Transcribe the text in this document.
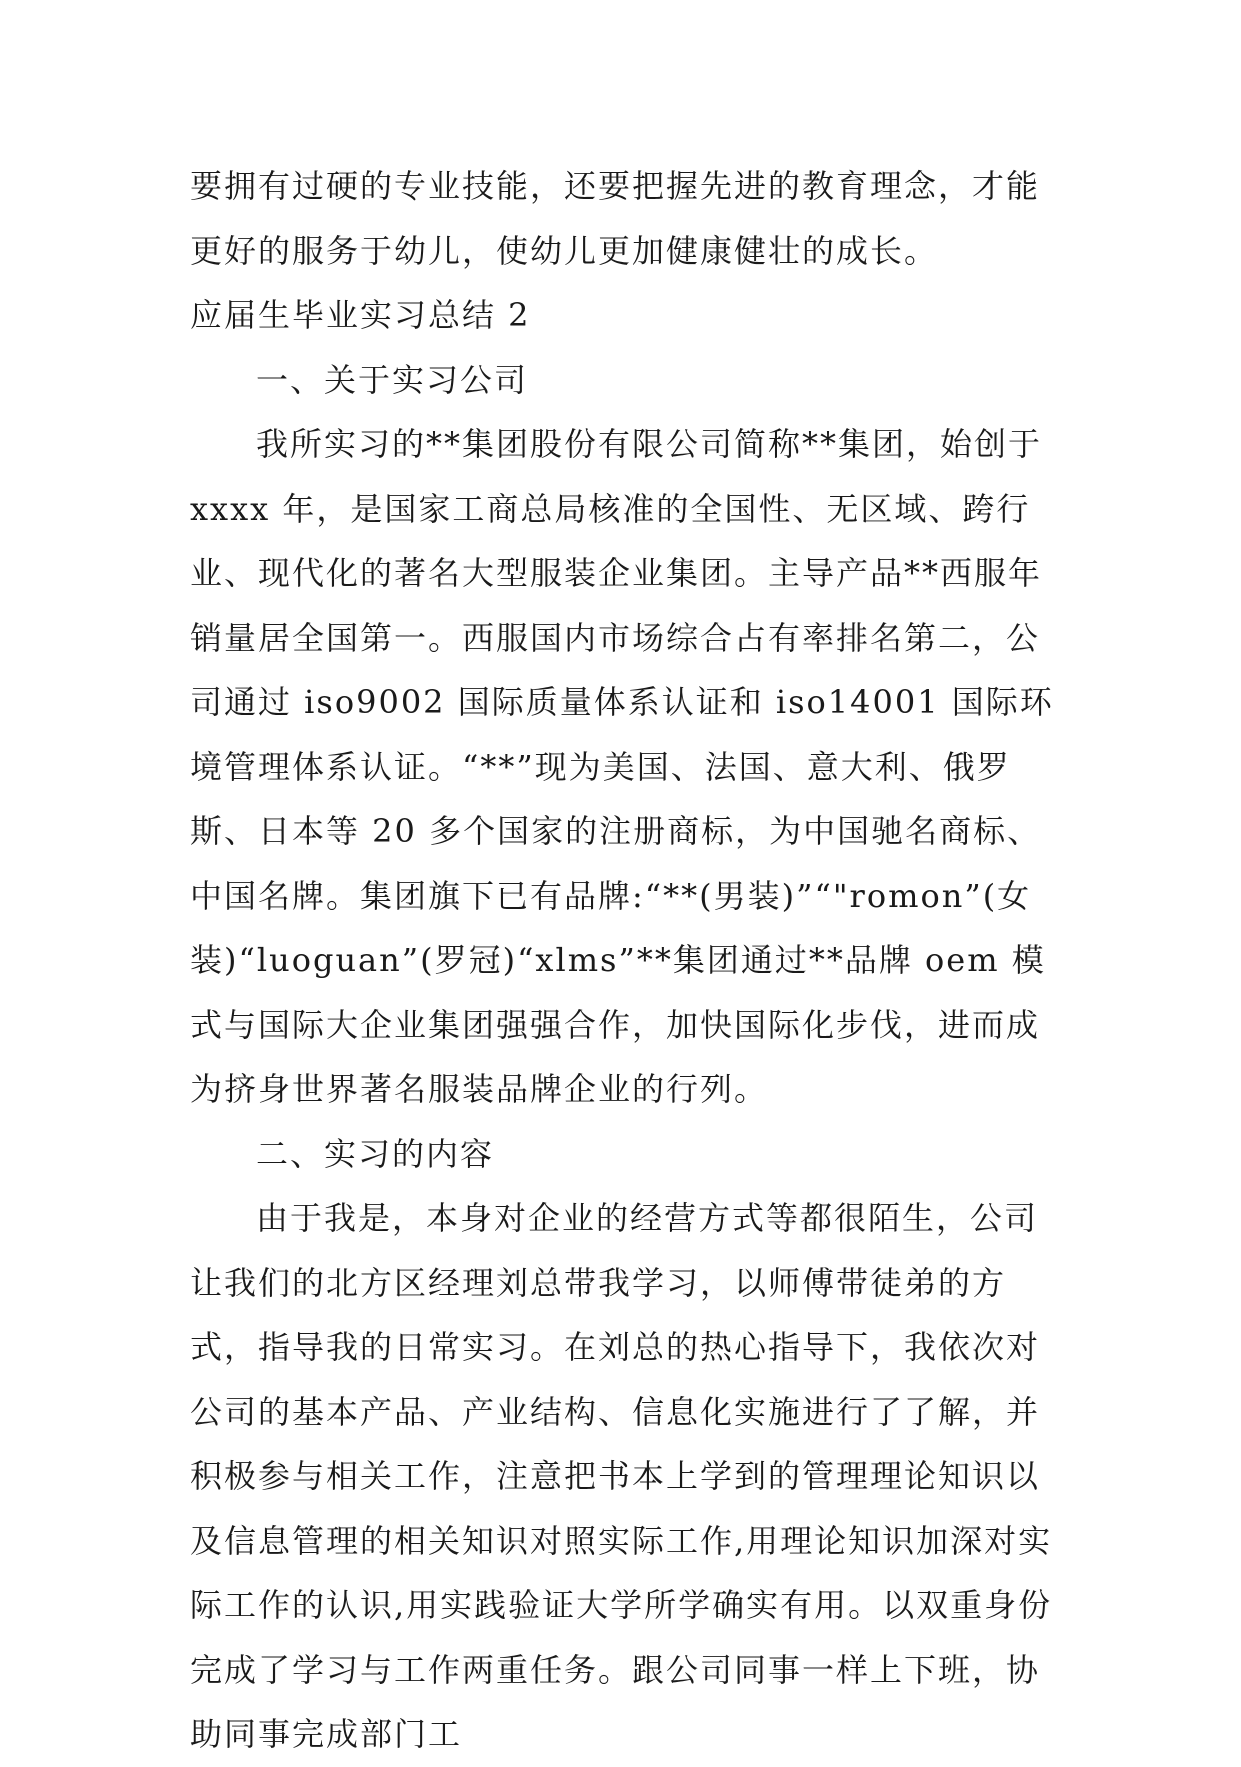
要拥有过硬的专业技能，还要把握先进的教育理念，才能更好的服务于幼儿，使幼儿更加健康健壮的成长。

应届生毕业实习总结 2

一、关于实习公司

我所实习的**集团股份有限公司简称**集团，始创于 xxxx 年，是国家工商总局核准的全国性、无区域、跨行业、现代化的著名大型服装企业集团。主导产品**西服年销量居全国第一。西服国内市场综合占有率排名第二，公司通过 iso9002 国际质量体系认证和 iso14001 国际环境管理体系认证。“**”现为美国、法国、意大利、俄罗斯、日本等 20 多个国家的注册商标，为中国驰名商标、中国名牌。集团旗下已有品牌:“**(男装)”“"romon”(女装)“luoguan”(罗冠)“xlms”**集团通过**品牌 oem 模式与国际大企业集团强强合作，加快国际化步伐，进而成为挤身世界著名服装品牌企业的行列。

二、实习的内容

由于我是，本身对企业的经营方式等都很陌生，公司让我们的北方区经理刘总带我学习，以师傅带徒弟的方式，指导我的日常实习。在刘总的热心指导下，我依次对公司的基本产品、产业结构、信息化实施进行了了解，并积极参与相关工作，注意把书本上学到的管理理论知识以及信息管理的相关知识对照实际工作,用理论知识加深对实际工作的认识,用实践验证大学所学确实有用。以双重身份完成了学习与工作两重任务。跟公司同事一样上下班，协助同事完成部门工
